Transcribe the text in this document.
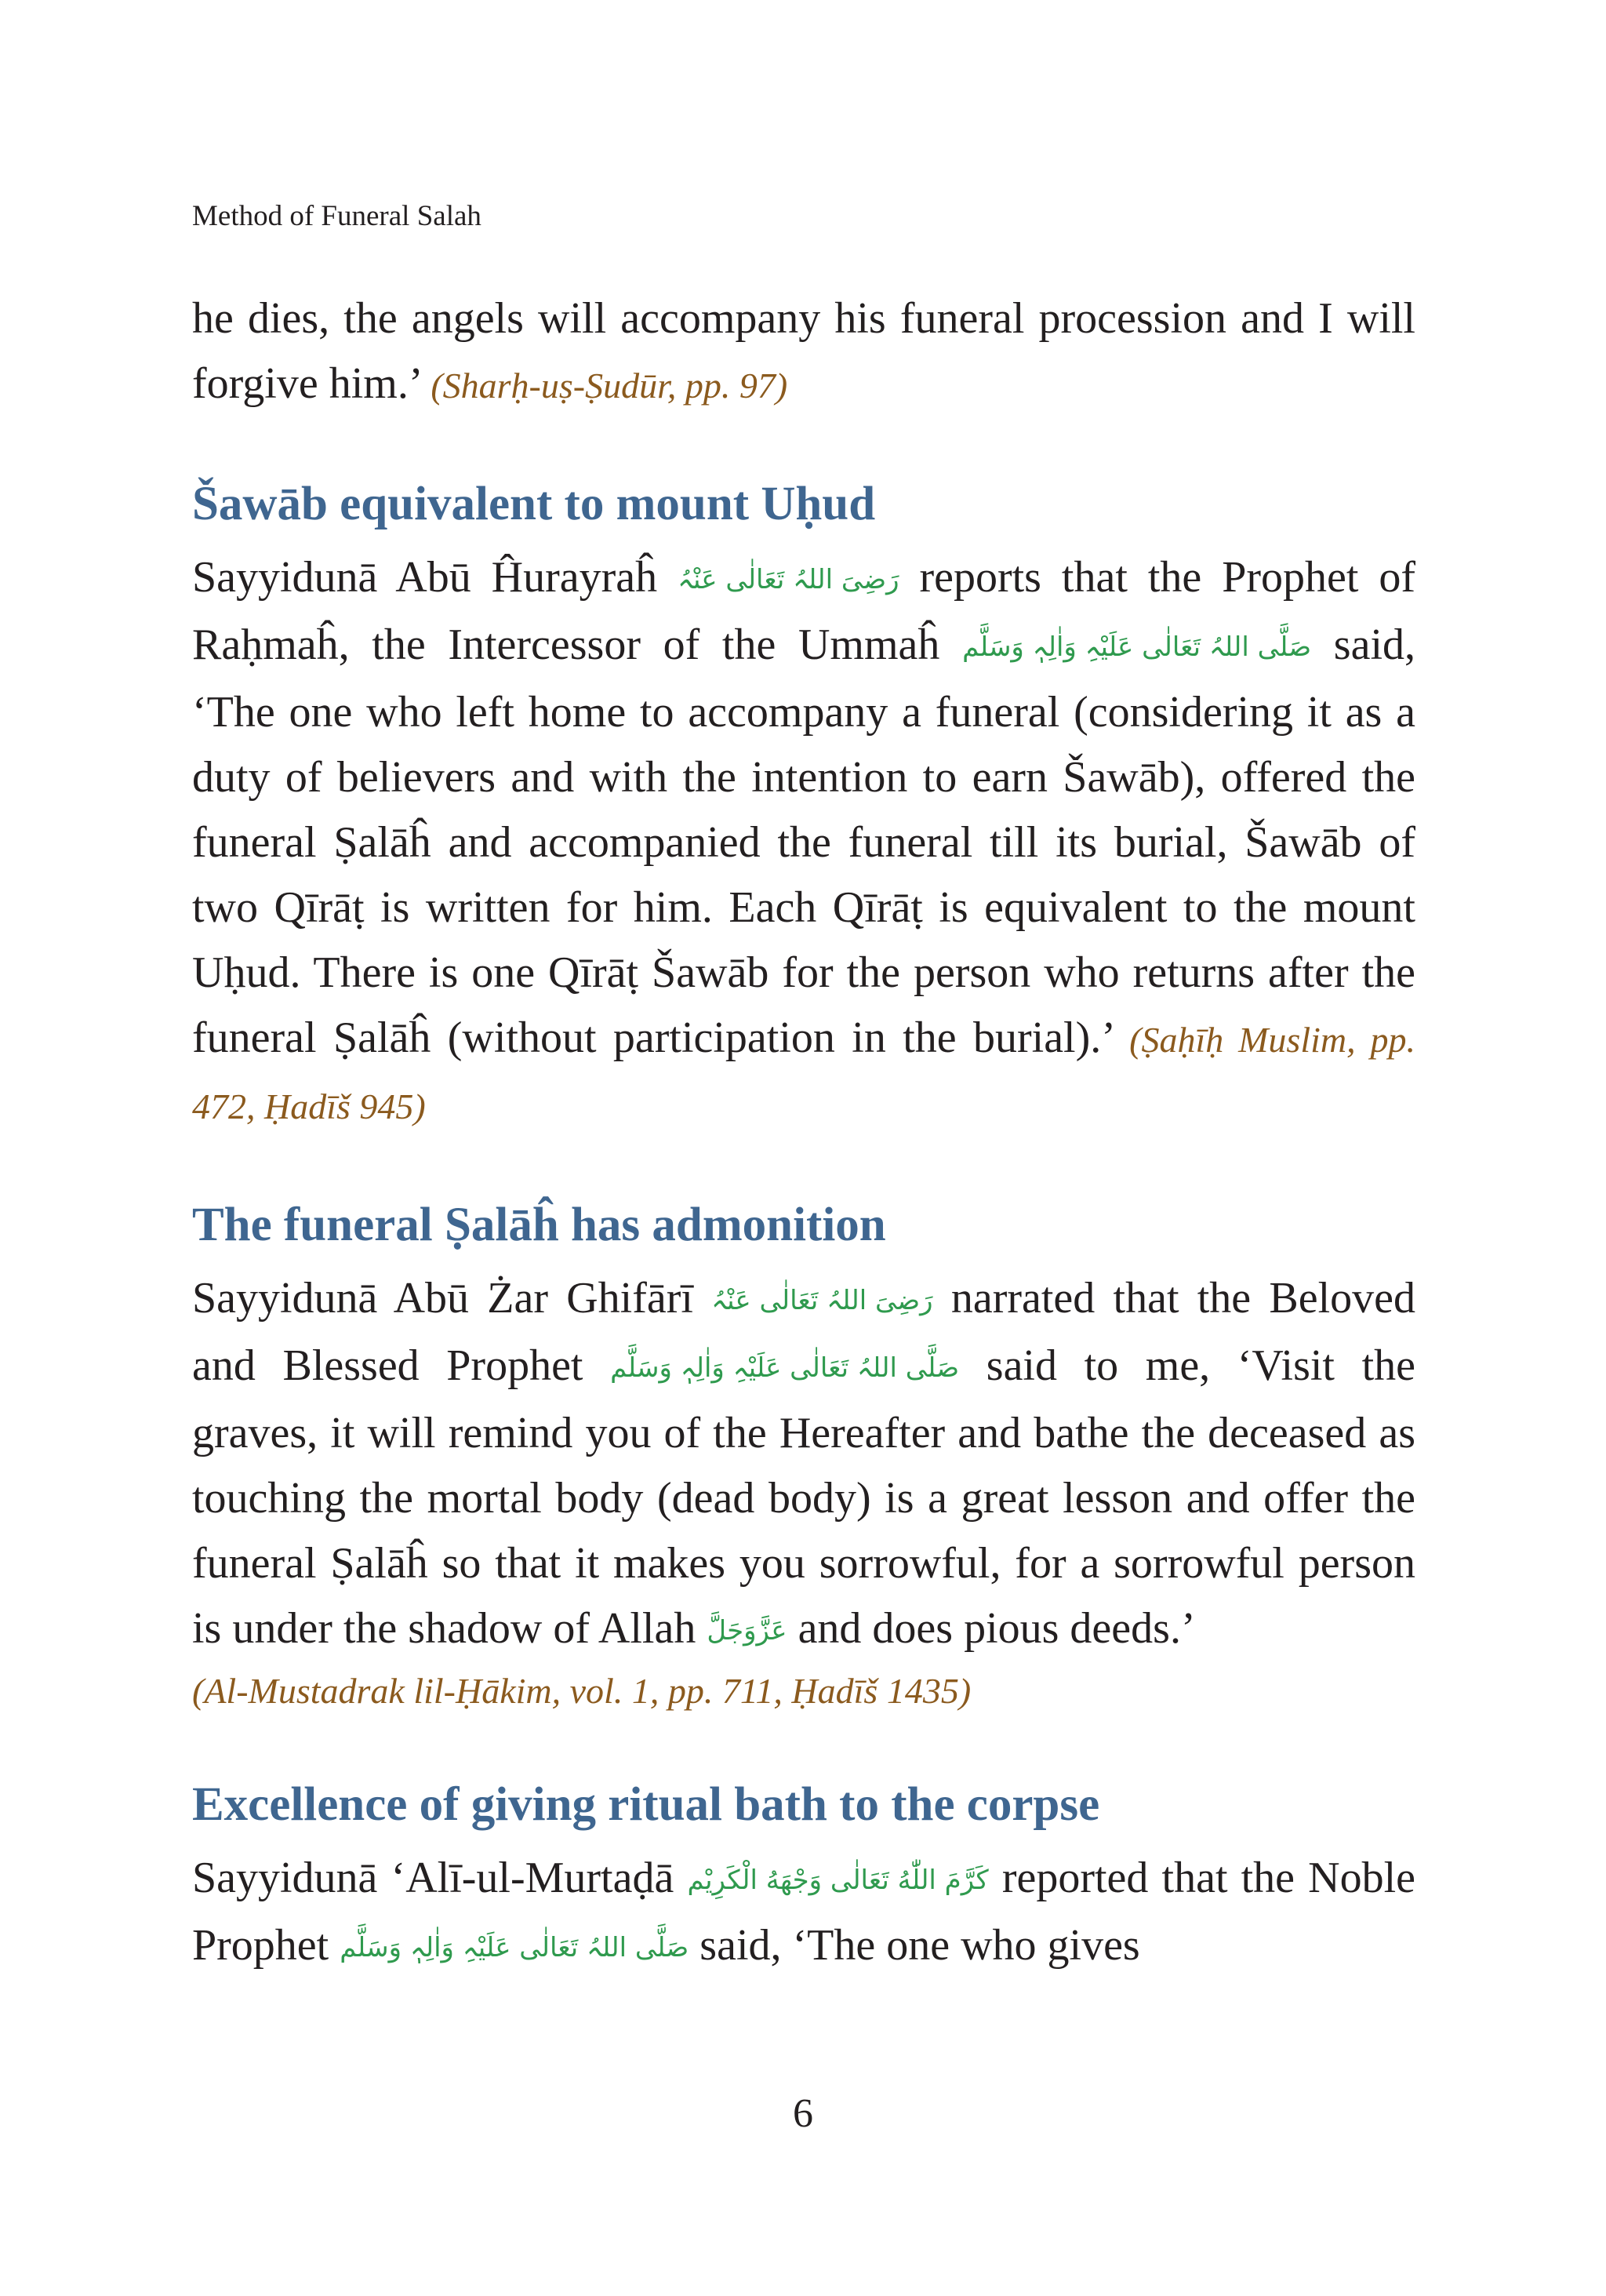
Method of Funeral Salah

he dies, the angels will accompany his funeral procession and I will forgive him.’ (Sharḥ-uṣ-Ṣudūr, pp. 97)

Šawāb equivalent to mount Uḥud

Sayyidunā Abū Ĥurayraĥ رَضِیَ اللہُ تَعَالٰی عَنْہُ reports that the Prophet of Raḥmaĥ, the Intercessor of the Ummaĥ صَلَّی اللہُ تَعَالٰی عَلَیْہِ وَاٰلِہٖ وَسَلَّم said, ‘The one who left home to accompany a funeral (considering it as a duty of believers and with the intention to earn Šawāb), offered the funeral Ṣalāĥ and accompanied the funeral till its burial, Šawāb of two Qīrāṭ is written for him. Each Qīrāṭ is equivalent to the mount Uḥud. There is one Qīrāṭ Šawāb for the person who returns after the funeral Ṣalāĥ (without participation in the burial).’ (Ṣaḥīḥ Muslim, pp. 472, Ḥadīš 945)

The funeral Ṣalāĥ has admonition

Sayyidunā Abū Żar Ghifārī رَضِیَ اللہُ تَعَالٰی عَنْہُ narrated that the Beloved and Blessed Prophet صَلَّی اللہُ تَعَالٰی عَلَیْہِ وَاٰلِہٖ وَسَلَّم said to me, ‘Visit the graves, it will remind you of the Hereafter and bathe the deceased as touching the mortal body (dead body) is a great lesson and offer the funeral Ṣalāĥ so that it makes you sorrowful, for a sorrowful person is under the shadow of Allah عَزَّوَجَلَّ and does pious deeds.’

(Al-Mustadrak lil-Ḥākim, vol. 1, pp. 711, Ḥadīš 1435)

Excellence of giving ritual bath to the corpse

Sayyidunā ‘Alī-ul-Murtaḍā كَرَّمَ اللّٰهُ تَعَالٰى وَجْهَهُ الْكَرِيْم reported that the Noble Prophet صَلَّی اللہُ تَعَالٰی عَلَیْہِ وَاٰلِہٖ وَسَلَّم said, ‘The one who gives

6
